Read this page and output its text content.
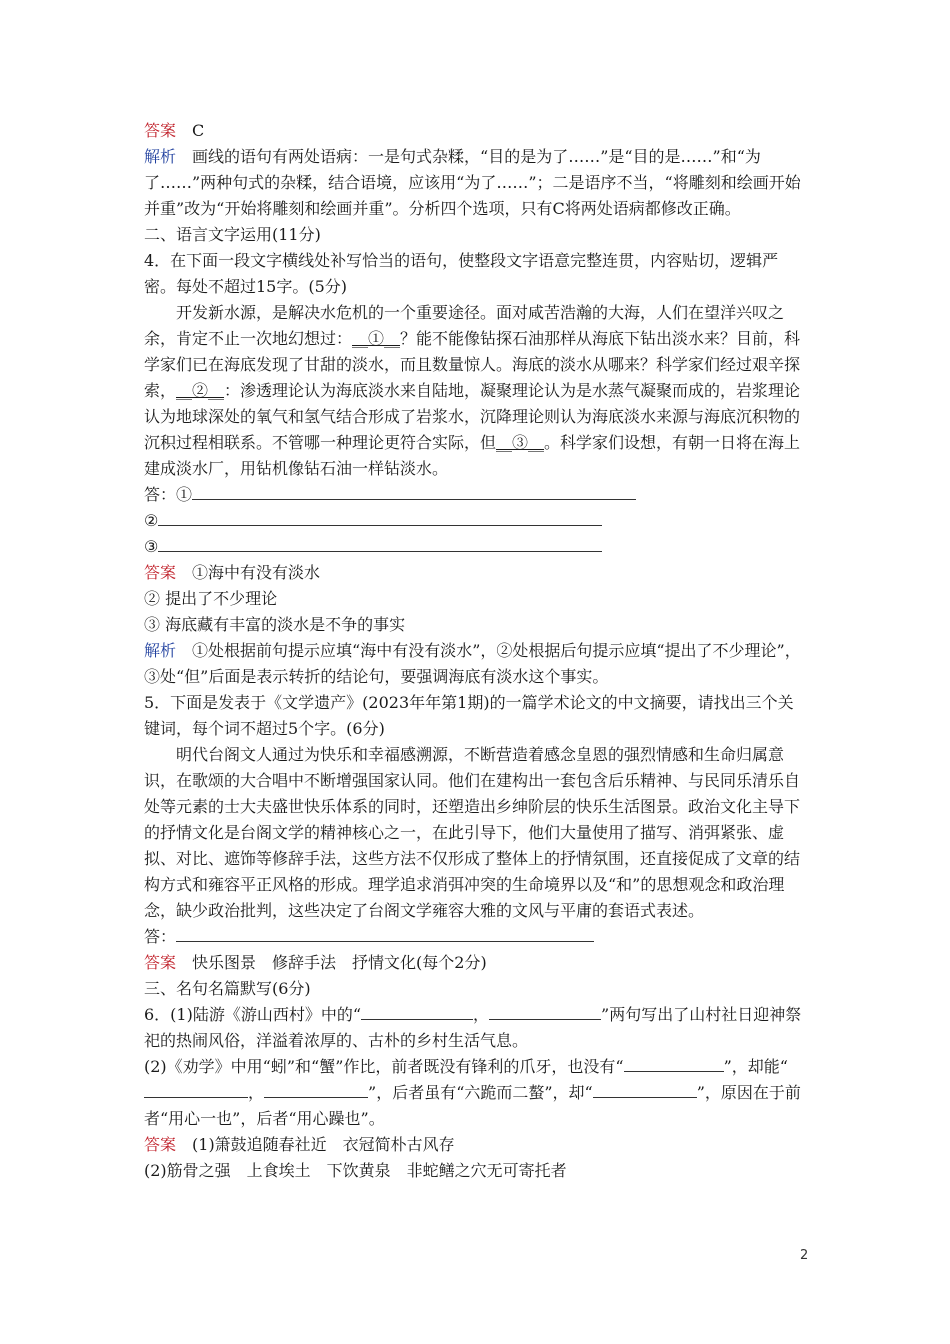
答案  C

解析  画线的语句有两处语病：一是句式杂糅，“目的是为了……”是“目的是……”和“为了……”两种句式的杂糅，结合语境，应该用“为了……”；二是语序不当，“将雕刻和绘画开始并重”改为“开始将雕刻和绘画并重”。分析四个选项，只有C将两处语病都修改正确。

二、语言文字运用(11分)

4．在下面一段文字横线处补写恰当的语句，使整段文字语意完整连贯，内容贴切，逻辑严密。每处不超过15字。(5分)

开发新水源，是解决水危机的一个重要途径。面对咸苦浩瀚的大海，人们在望洋兴叹之余，肯定不止一次地幻想过：__①__？能不能像钻探石油那样从海底下钻出淡水来？目前，科学家们已在海底发现了甘甜的淡水，而且数量惊人。海底的淡水从哪来？科学家们经过艰辛探索，__②__：渗透理论认为海底淡水来自陆地，凝聚理论认为是水蒸气凝聚而成的，岩浆理论认为地球深处的氧气和氢气结合形成了岩浆水，沉降理论则认为海底淡水来源与海底沉积物的沉积过程相联系。不管哪一种理论更符合实际，但__③__。科学家们设想，有朝一日将在海上建成淡水厂，用钻机像钻石油一样钻淡水。

答：①

②

③

答案  ①海中有没有淡水

② 提出了不少理论

③ 海底藏有丰富的淡水是不争的事实

解析  ①处根据前句提示应填“海中有没有淡水”，②处根据后句提示应填“提出了不少理论”，③处“但”后面是表示转折的结论句，要强调海底有淡水这个事实。

5．下面是发表于《文学遗产》(2023年年第1期)的一篇学术论文的中文摘要，请找出三个关键词，每个词不超过5个字。(6分)

明代台阁文人通过为快乐和幸福感溯源，不断营造着感念皇恩的强烈情感和生命归属意识，在歌颂的大合唱中不断增强国家认同。他们在建构出一套包含后乐精神、与民同乐清乐自处等元素的士大夫盛世快乐体系的同时，还塑造出乡绅阶层的快乐生活图景。政治文化主导下的抒情文化是台阁文学的精神核心之一，在此引导下，他们大量使用了描写、消弭紧张、虚拟、对比、遮饰等修辞手法，这些方法不仅形成了整体上的抒情氛围，还直接促成了文章的结构方式和雍容平正风格的形成。理学追求消弭冲突的生命境界以及“和”的思想观念和政治理念，缺少政治批判，这些决定了台阁文学雍容大雅的文风与平庸的套语式表述。

答：

答案  快乐图景　修辞手法　抒情文化(每个2分)

三、名句名篇默写(6分)

6．(1)陆游《游山西村》中的“	，	”两句写出了山村社日迎神祭祀的热闹风俗，洋溢着浓厚的、古朴的乡村生活气息。

(2)《劝学》中用“蚓”和“蟹”作比，前者既没有锋利的爪牙，也没有“	”，却能“，	”，后者虽有“六跪而二螯”，却“	”，原因在于前者“用心一也”，后者“用心躁也”。

答案  (1)箫鼓追随春社近　衣冠简朴古风存

(2)筋骨之强　上食埃土　下饮黄泉　非蛇鳝之穴无可寄托者

2
